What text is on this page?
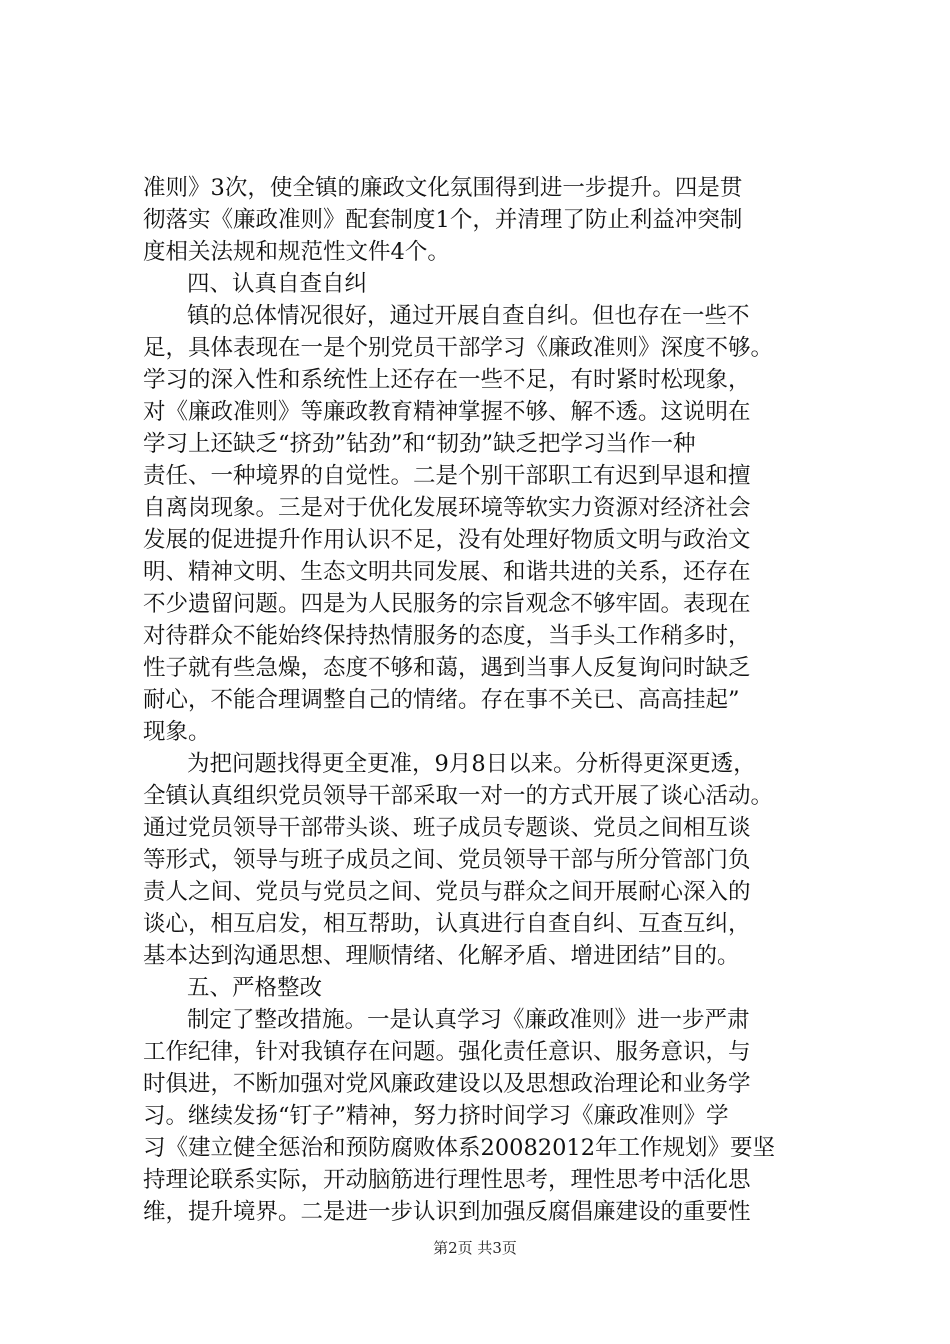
准则》3次，使全镇的廉政文化氛围得到进一步提升。四是贯
彻落实《廉政准则》配套制度1个，并清理了防止利益冲突制
度相关法规和规范性文件4个。
四、认真自查自纠
镇的总体情况很好，通过开展自查自纠。但也存在一些不
足，具体表现在一是个别党员干部学习《廉政准则》深度不够。
学习的深入性和系统性上还存在一些不足，有时紧时松现象，
对《廉政准则》等廉政教育精神掌握不够、解不透。这说明在
学习上还缺乏“挤劲”钻劲”和“韧劲”缺乏把学习当作一种
责任、一种境界的自觉性。二是个别干部职工有迟到早退和擅
自离岗现象。三是对于优化发展环境等软实力资源对经济社会
发展的促进提升作用认识不足，没有处理好物质文明与政治文
明、精神文明、生态文明共同发展、和谐共进的关系，还存在
不少遗留问题。四是为人民服务的宗旨观念不够牢固。表现在
对待群众不能始终保持热情服务的态度，当手头工作稍多时，
性子就有些急燥，态度不够和蔼，遇到当事人反复询问时缺乏
耐心，不能合理调整自己的情绪。存在事不关已、高高挂起”
现象。
为把问题找得更全更准，9月8日以来。分析得更深更透，
全镇认真组织党员领导干部采取一对一的方式开展了谈心活动。
通过党员领导干部带头谈、班子成员专题谈、党员之间相互谈
等形式，领导与班子成员之间、党员领导干部与所分管部门负
责人之间、党员与党员之间、党员与群众之间开展耐心深入的
谈心，相互启发，相互帮助，认真进行自查自纠、互查互纠，
基本达到沟通思想、理顺情绪、化解矛盾、增进团结”目的。
五、严格整改
制定了整改措施。一是认真学习《廉政准则》进一步严肃
工作纪律，针对我镇存在问题。强化责任意识、服务意识，与
时俱进，不断加强对党风廉政建设以及思想政治理论和业务学
习。继续发扬“钉子”精神，努力挤时间学习《廉政准则》学
习《建立健全惩治和预防腐败体系20082012年工作规划》要坚
持理论联系实际，开动脑筋进行理性思考，理性思考中活化思
维，提升境界。二是进一步认识到加强反腐倡廉建设的重要性
第2页 共3页
